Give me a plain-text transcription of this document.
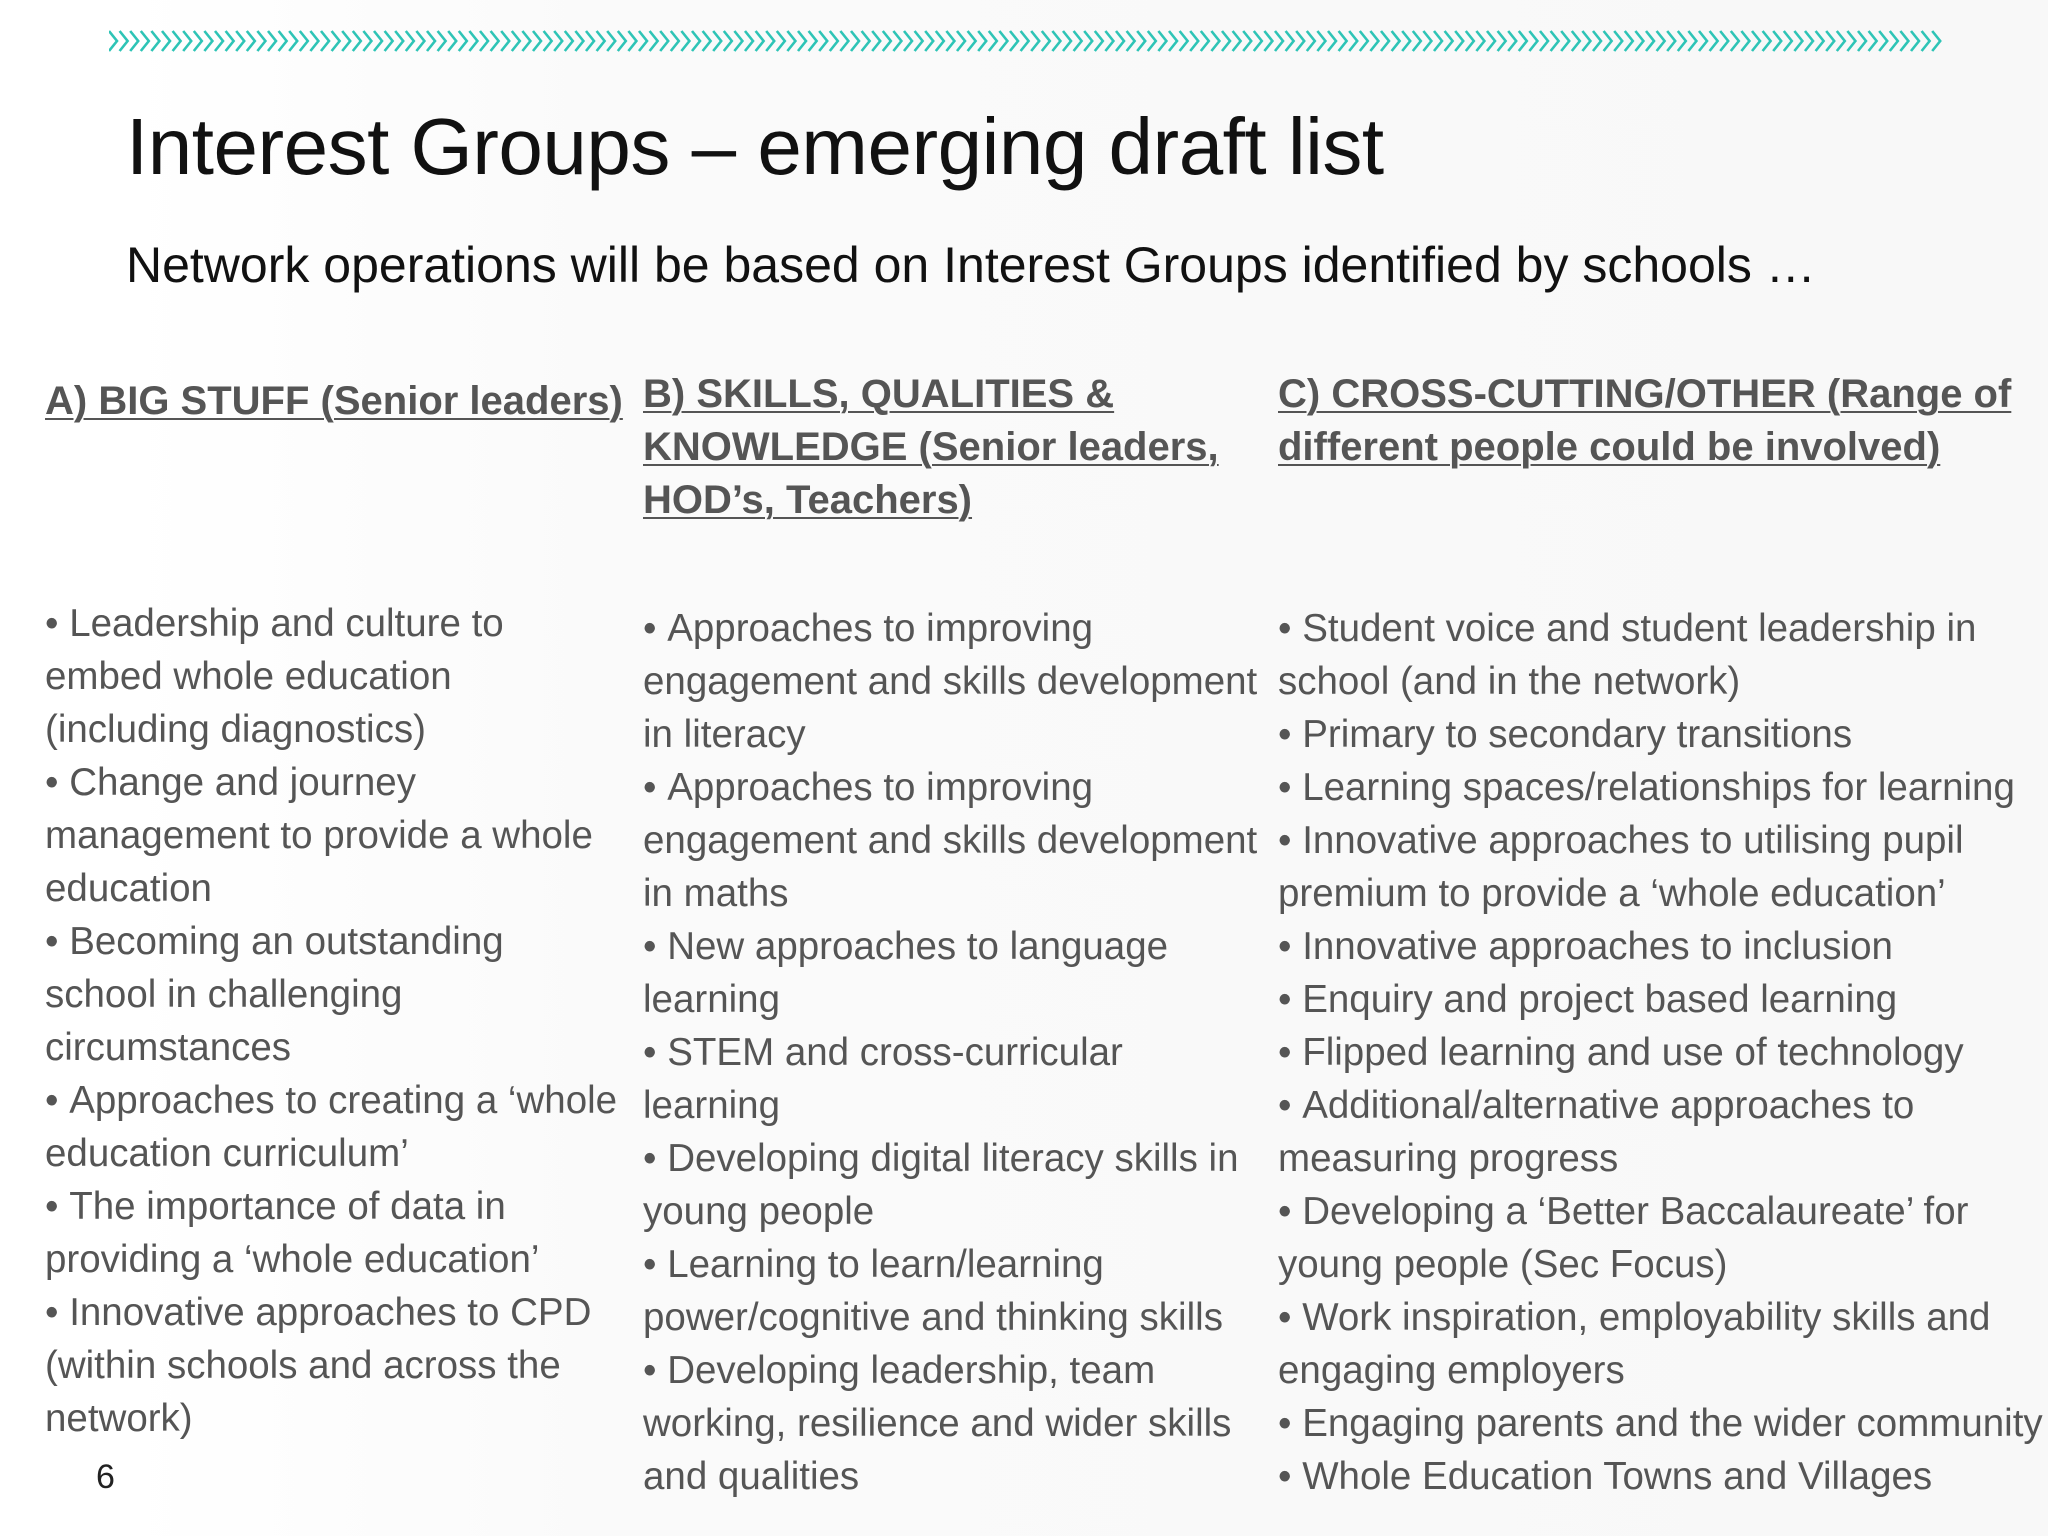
Interest Groups – emerging draft list
Network operations will be based on Interest Groups identified by schools …
A) BIG STUFF (Senior leaders)
• Leadership and culture to embed whole education (including diagnostics)
• Change and journey management to provide a whole education
• Becoming an outstanding school in challenging circumstances
• Approaches to creating a ‘whole education curriculum’
• The importance of data in providing a ‘whole education’
• Innovative approaches to CPD (within schools and across the network)
B) SKILLS, QUALITIES & KNOWLEDGE (Senior leaders, HOD’s, Teachers)
• Approaches to improving engagement and skills development in literacy
• Approaches to improving engagement and skills development in maths
• New approaches to language learning
• STEM and cross-curricular learning
• Developing digital literacy skills in young people
• Learning to learn/learning power/cognitive and thinking skills
• Developing leadership, team working, resilience and wider skills and qualities
C) CROSS-CUTTING/OTHER (Range of different people could be involved)
• Student voice and student leadership in school (and in the network)
• Primary to secondary transitions
• Learning spaces/relationships for learning
• Innovative approaches to utilising pupil premium to provide a ‘whole education’
• Innovative approaches to inclusion
• Enquiry and project based learning
• Flipped learning and use of technology
• Additional/alternative approaches to measuring progress
• Developing a ‘Better Baccalaureate’ for young people (Sec Focus)
• Work inspiration, employability skills and engaging employers
• Engaging parents and the wider community
• Whole Education Towns and Villages
6
